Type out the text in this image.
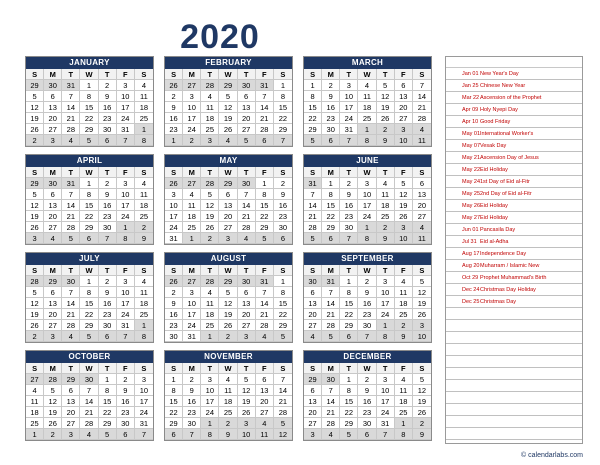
2020
JANUARY
S	M	T	W	T	F	S
29	30	31	1	2	3	4
5	6	7	8	9	10	11
12	13	14	15	16	17	18
19	20	21	22	23	24	25
26	27	28	29	30	31	1
2	3	4	5	6	7	8
FEBRUARY
S	M	T	W	T	F	S
26	27	28	29	30	31	1
2	3	4	5	6	7	8
9	10	11	12	13	14	15
16	17	18	19	20	21	22
23	24	25	26	27	28	29
1	2	3	4	5	6	7
MARCH
S	M	T	W	T	F	S
1	2	3	4	5	6	7
8	9	10	11	12	13	14
15	16	17	18	19	20	21
22	23	24	25	26	27	28
29	30	31	1	2	3	4
5	6	7	8	9	10	11
APRIL
S	M	T	W	T	F	S
29	30	31	1	2	3	4
5	6	7	8	9	10	11
12	13	14	15	16	17	18
19	20	21	22	23	24	25
26	27	28	29	30	1	2
3	4	5	6	7	8	9
MAY
S	M	T	W	T	F	S
26	27	28	29	30	1	2
3	4	5	6	7	8	9
10	11	12	13	14	15	16
17	18	19	20	21	22	23
24	25	26	27	28	29	30
31	1	2	3	4	5	6
JUNE
S	M	T	W	T	F	S
31	1	2	3	4	5	6
7	8	9	10	11	12	13
14	15	16	17	18	19	20
21	22	23	24	25	26	27
28	29	30	1	2	3	4
5	6	7	8	9	10	11
JULY
S	M	T	W	T	F	S
28	29	30	1	2	3	4
5	6	7	8	9	10	11
12	13	14	15	16	17	18
19	20	21	22	23	24	25
26	27	28	29	30	31	1
2	3	4	5	6	7	8
AUGUST
S	M	T	W	T	F	S
26	27	28	29	30	31	1
2	3	4	5	6	7	8
9	10	11	12	13	14	15
16	17	18	19	20	21	22
23	24	25	26	27	28	29
30	31	1	2	3	4	5
SEPTEMBER
S	M	T	W	T	F	S
30	31	1	2	3	4	5
6	7	8	9	10	11	12
13	14	15	16	17	18	19
20	21	22	23	24	25	26
27	28	29	30	1	2	3
4	5	6	7	8	9	10
OCTOBER
S	M	T	W	T	F	S
27	28	29	30	1	2	3
4	5	6	7	8	9	10
11	12	13	14	15	16	17
18	19	20	21	22	23	24
25	26	27	28	29	30	31
1	2	3	4	5	6	7
NOVEMBER
S	M	T	W	T	F	S
1	2	3	4	5	6	7
8	9	10	11	12	13	14
15	16	17	18	19	20	21
22	23	24	25	26	27	28
29	30	1	2	3	4	5
6	7	8	9	10	11	12
DECEMBER
S	M	T	W	T	F	S
29	30	1	2	3	4	5
6	7	8	9	10	11	12
13	14	15	16	17	18	19
20	21	22	23	24	25	26
27	28	29	30	31	1	2
3	4	5	6	7	8	9
Jan 01 New Year's Day
Jan 25 Chinese New Year
Mar 22 Ascension of the Prophet
Apr 09 Holy Nyepi Day
Apr 10 Good Friday
May 01 International Worker's
May 07 Vesak Day
May 21 Ascension Day of Jesus
May 22 Eid Holiday
May 24 1st Day of Eid al-Fitr
May 25 2nd Day of Eid al-Fitr
May 26 Eid Holiday
May 27 Eid Holiday
Jun 01 Pancasila Day
Jul 31 Eid al-Adha
Aug 17 Independence Day
Aug 20 Muharram / Islamic New
Oct 29 Prophet Muhammad's Birth
Dec 24 Christmas Day Holiday
Dec 25 Christmas Day
© calendarlabs.com
